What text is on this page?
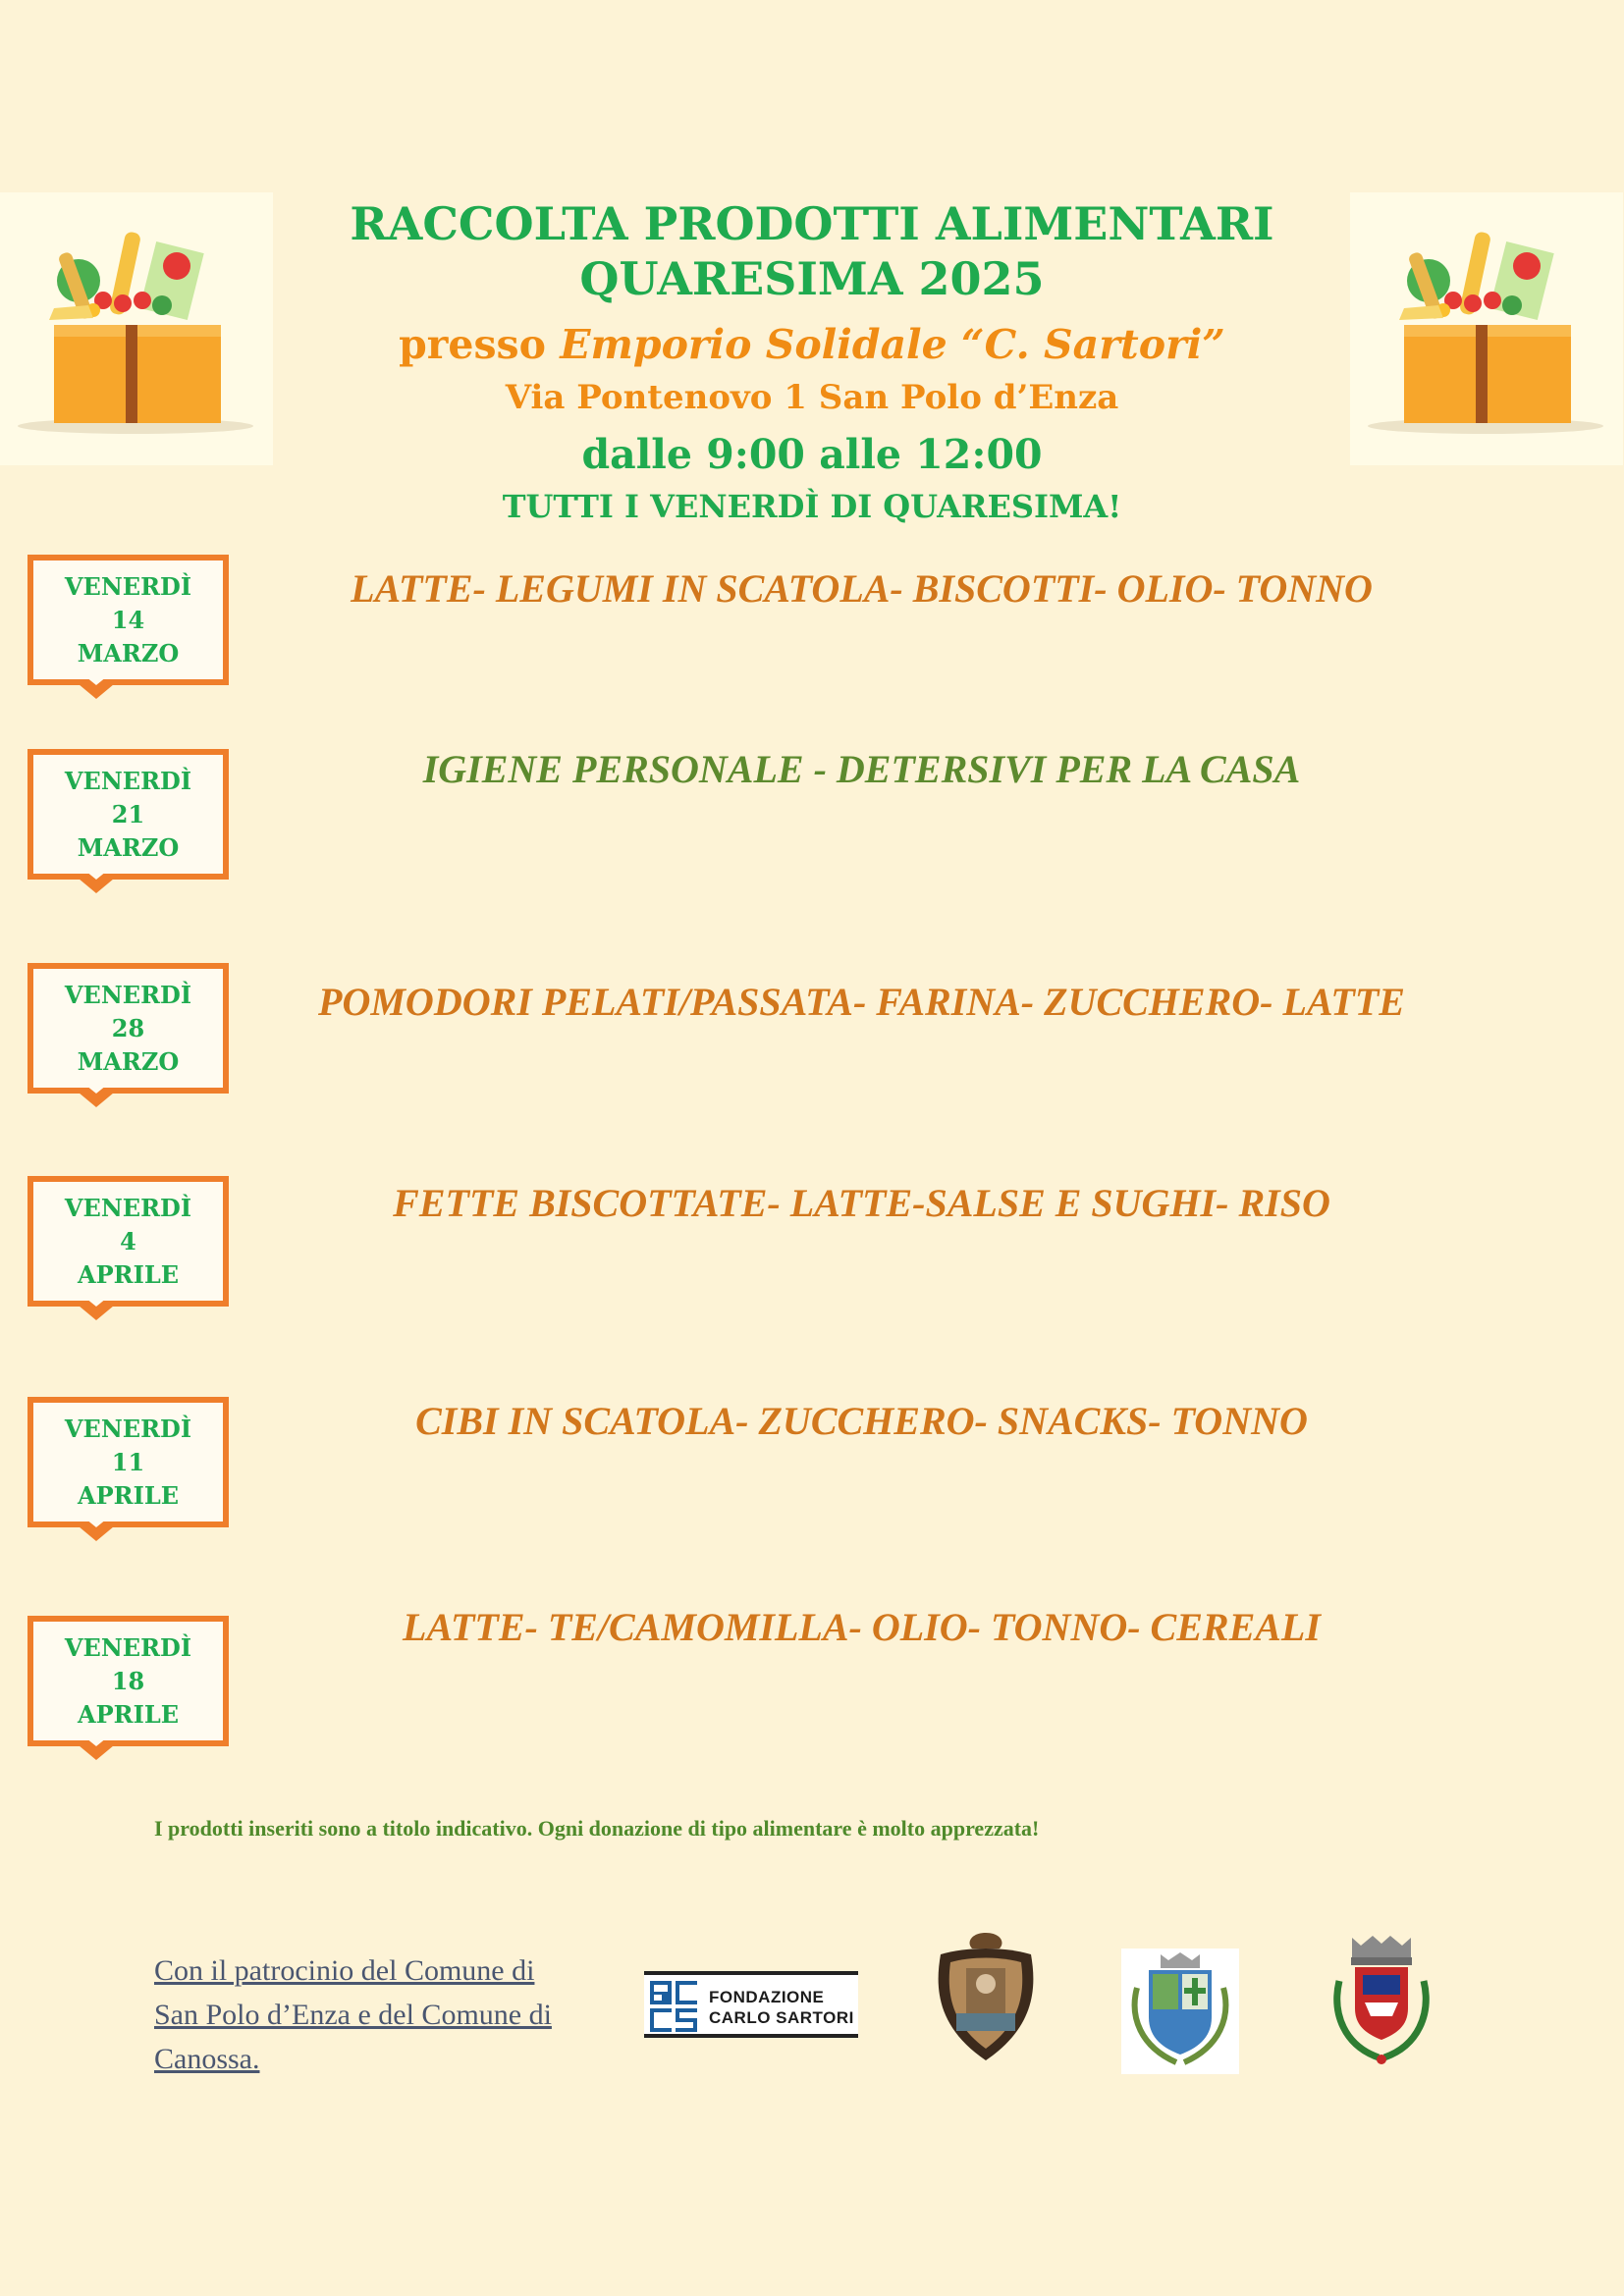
RACCOLTA PRODOTTI ALIMENTARI
QUARESIMA 2025
presso Emporio Solidale “C. Sartori”
Via Pontenovo 1 San Polo d’Enza
dalle 9:00 alle 12:00
TUTTI I VENERDÌ DI QUARESIMA!
VENERDÌ
14
MARZO
LATTE- LEGUMI IN SCATOLA- BISCOTTI- OLIO- TONNO
VENERDÌ
21
MARZO
IGIENE PERSONALE - DETERSIVI PER LA CASA
VENERDÌ
28
MARZO
POMODORI PELATI/PASSATA- FARINA- ZUCCHERO- LATTE
VENERDÌ
4
APRILE
FETTE BISCOTTATE- LATTE-SALSE E SUGHI- RISO
VENERDÌ
11
APRILE
CIBI IN SCATOLA- ZUCCHERO- SNACKS- TONNO
VENERDÌ
18
APRILE
LATTE- TE/CAMOMILLA- OLIO- TONNO- CEREALI
I prodotti inseriti sono a titolo indicativo. Ogni donazione di tipo alimentare è molto apprezzata!
Con il patrocinio del Comune di
San Polo d’Enza e del Comune di
Canossa.
FONDAZIONE
CARLO SARTORI
